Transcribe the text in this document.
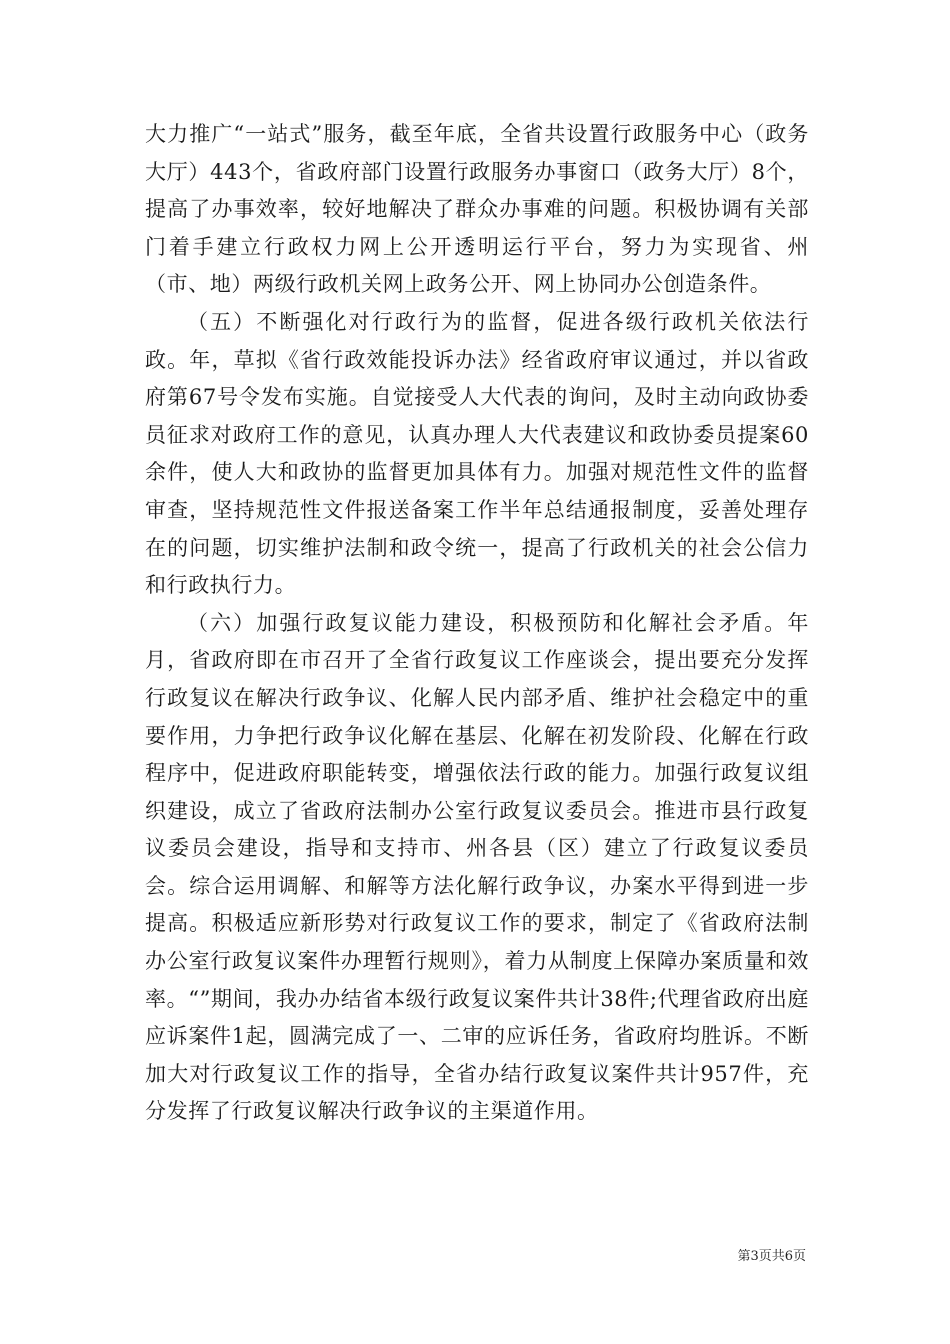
大力推广“一站式”服务，截至年底，全省共设置行政服务中心（政务大厅）443个，省政府部门设置行政服务办事窗口（政务大厅）8个，提高了办事效率，较好地解决了群众办事难的问题。积极协调有关部门着手建立行政权力网上公开透明运行平台，努力为实现省、州（市、地）两级行政机关网上政务公开、网上协同办公创造条件。

（五）不断强化对行政行为的监督，促进各级行政机关依法行政。年，草拟《省行政效能投诉办法》经省政府审议通过，并以省政府第67号令发布实施。自觉接受人大代表的询问，及时主动向政协委员征求对政府工作的意见，认真办理人大代表建议和政协委员提案60余件，使人大和政协的监督更加具体有力。加强对规范性文件的监督审查，坚持规范性文件报送备案工作半年总结通报制度，妥善处理存在的问题，切实维护法制和政令统一，提高了行政机关的社会公信力和行政执行力。

（六）加强行政复议能力建设，积极预防和化解社会矛盾。年月，省政府即在市召开了全省行政复议工作座谈会，提出要充分发挥行政复议在解决行政争议、化解人民内部矛盾、维护社会稳定中的重要作用，力争把行政争议化解在基层、化解在初发阶段、化解在行政程序中，促进政府职能转变，增强依法行政的能力。加强行政复议组织建设，成立了省政府法制办公室行政复议委员会。推进市县行政复议委员会建设，指导和支持市、州各县（区）建立了行政复议委员会。综合运用调解、和解等方法化解行政争议，办案水平得到进一步提高。积极适应新形势对行政复议工作的要求，制定了《省政府法制办公室行政复议案件办理暂行规则》，着力从制度上保障办案质量和效率。“”期间，我办办结省本级行政复议案件共计38件;代理省政府出庭应诉案件1起，圆满完成了一、二审的应诉任务，省政府均胜诉。不断加大对行政复议工作的指导，全省办结行政复议案件共计957件，充分发挥了行政复议解决行政争议的主渠道作用。

第3页共6页
